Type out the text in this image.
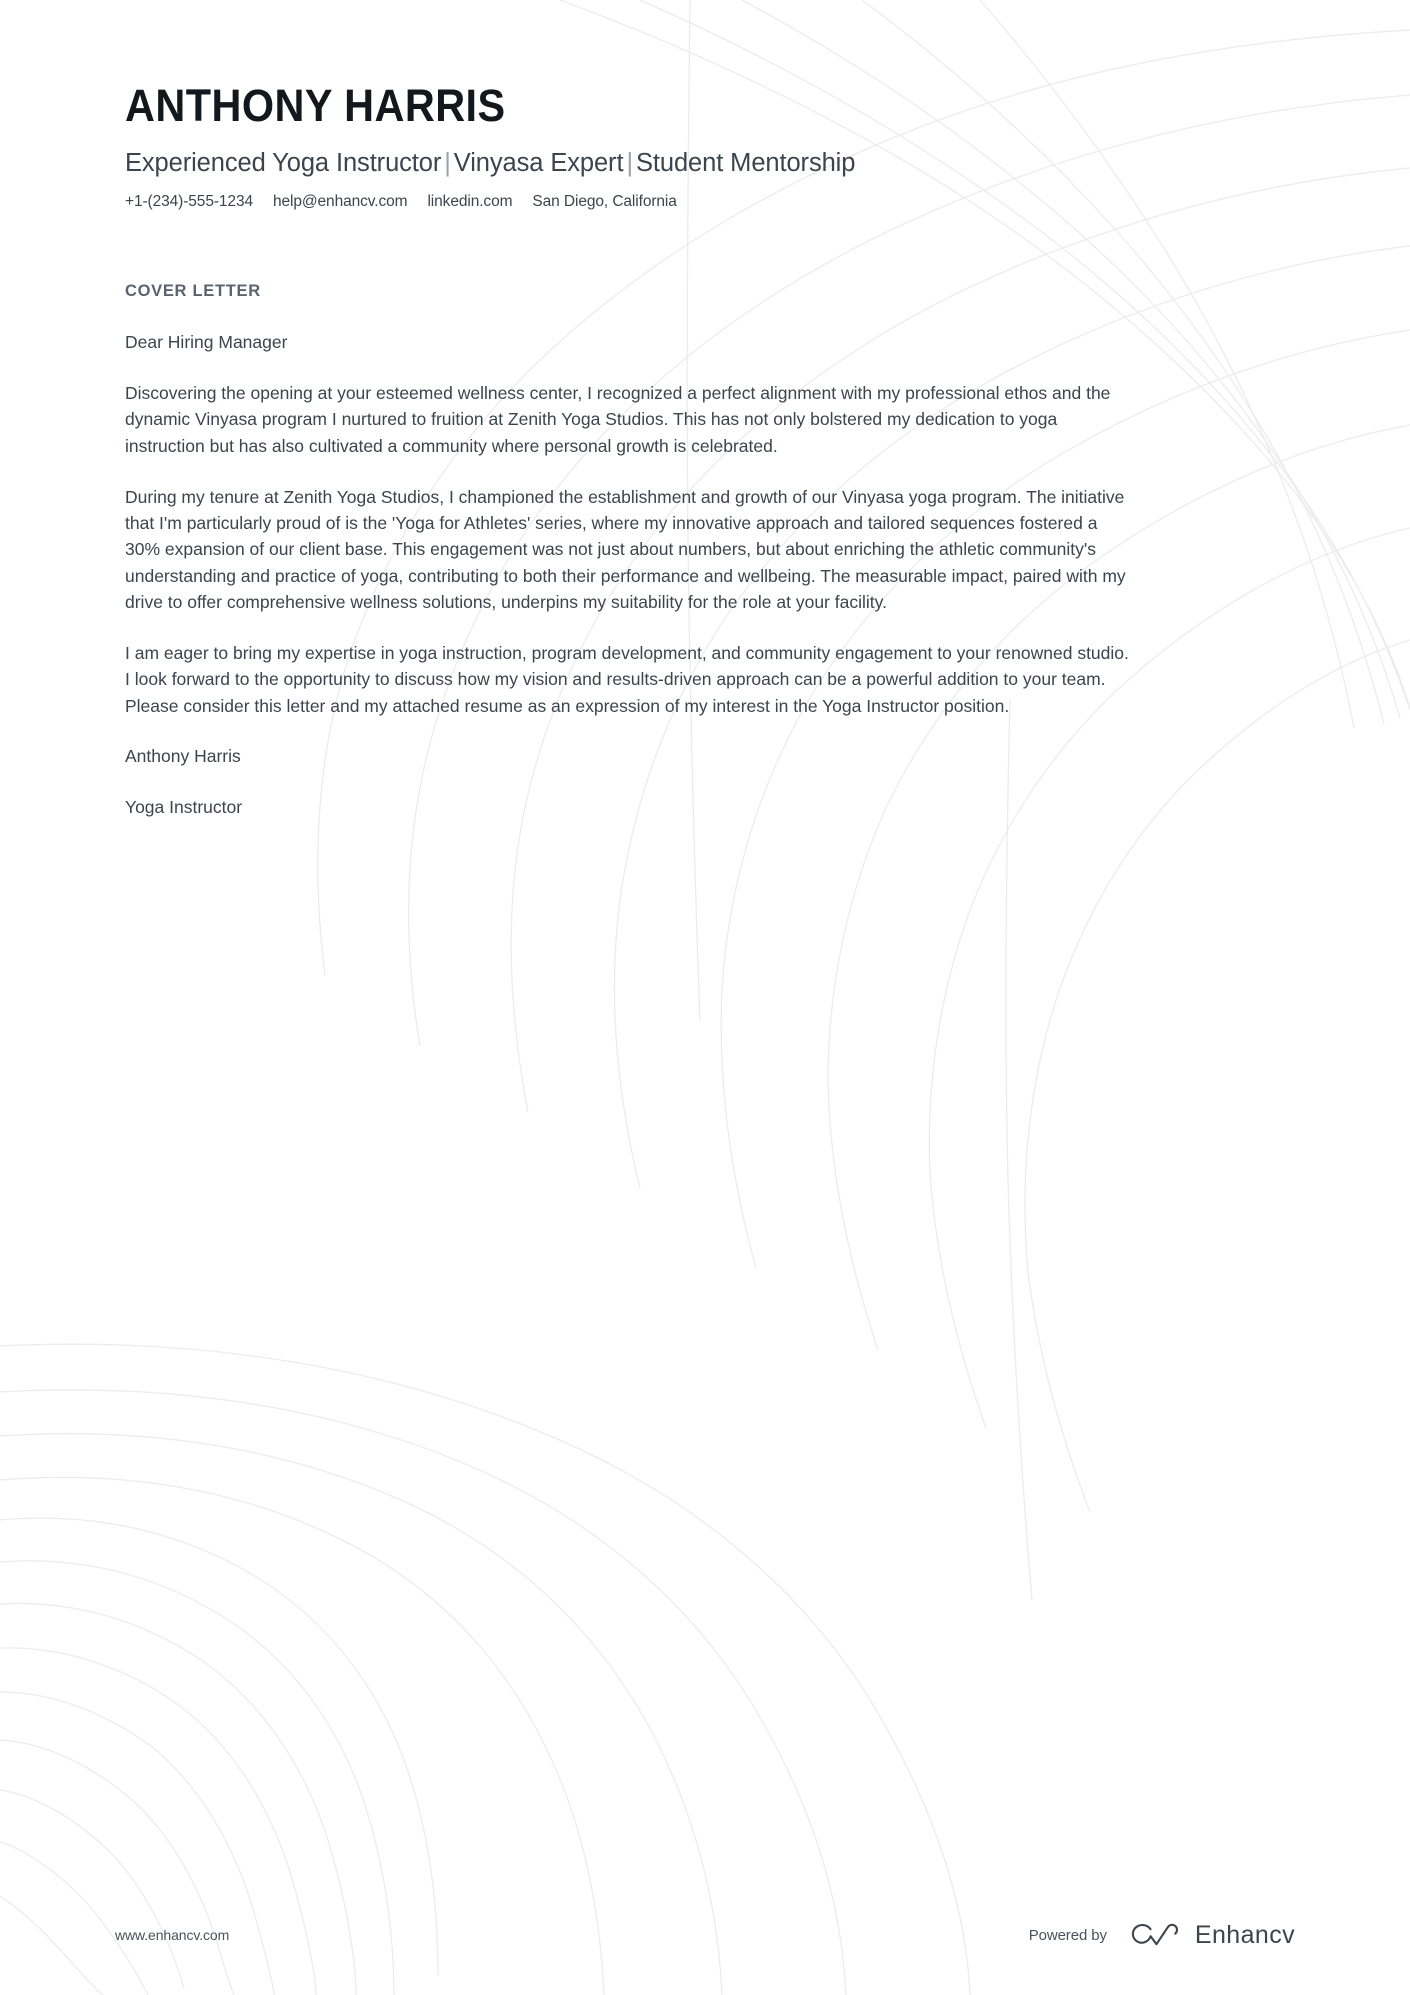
ANTHONY HARRIS
Experienced Yoga Instructor | Vinyasa Expert | Student Mentorship
+1-(234)-555-1234 help@enhancv.com linkedin.com San Diego, California
COVER LETTER

Dear Hiring Manager

Discovering the opening at your esteemed wellness center, I recognized a perfect alignment with my professional ethos and the dynamic Vinyasa program I nurtured to fruition at Zenith Yoga Studios. This has not only bolstered my dedication to yoga instruction but has also cultivated a community where personal growth is celebrated.

During my tenure at Zenith Yoga Studios, I championed the establishment and growth of our Vinyasa yoga program. The initiative that I'm particularly proud of is the 'Yoga for Athletes' series, where my innovative approach and tailored sequences fostered a 30% expansion of our client base. This engagement was not just about numbers, but about enriching the athletic community's understanding and practice of yoga, contributing to both their performance and wellbeing. The measurable impact, paired with my drive to offer comprehensive wellness solutions, underpins my suitability for the role at your facility.

I am eager to bring my expertise in yoga instruction, program development, and community engagement to your renowned studio. I look forward to the opportunity to discuss how my vision and results-driven approach can be a powerful addition to your team. Please consider this letter and my attached resume as an expression of my interest in the Yoga Instructor position.

Anthony Harris
Yoga Instructor
www.enhancv.com	Powered by	Enhancv
